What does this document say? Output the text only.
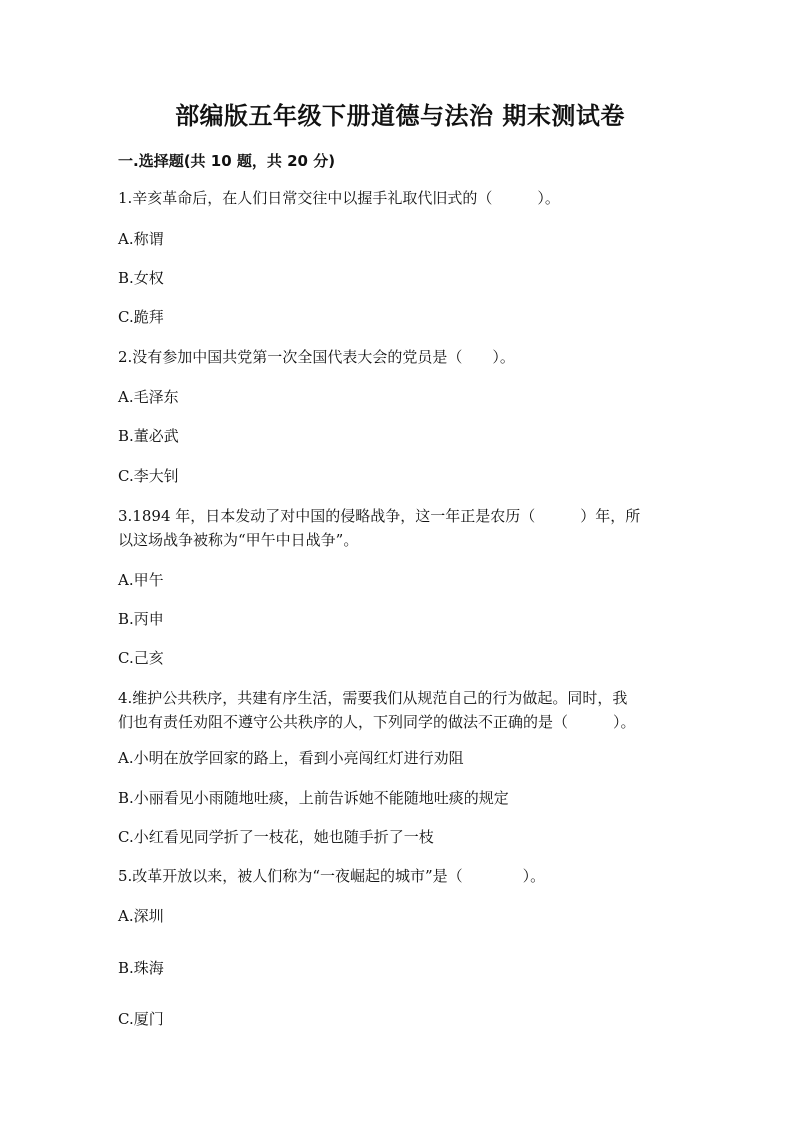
部编版五年级下册道德与法治 期末测试卷
一.选择题(共 10 题，共 20 分)
1.辛亥革命后，在人们日常交往中以握手礼取代旧式的（　　　）。
A.称谓
B.女权
C.跪拜
2.没有参加中国共党第一次全国代表大会的党员是（　　）。
A.毛泽东
B.董必武
C.李大钊
3.1894 年，日本发动了对中国的侵略战争，这一年正是农历（　　　）年，所
以这场战争被称为“甲午中日战争”。
A.甲午
B.丙申
C.己亥
4.维护公共秩序，共建有序生活，需要我们从规范自己的行为做起。同时，我
们也有责任劝阻不遵守公共秩序的人，下列同学的做法不正确的是（　　　）。
A.小明在放学回家的路上，看到小亮闯红灯进行劝阻
B.小丽看见小雨随地吐痰，上前告诉她不能随地吐痰的规定
C.小红看见同学折了一枝花，她也随手折了一枝
5.改革开放以来，被人们称为“一夜崛起的城市”是（　　　　）。
A.深圳
B.珠海
C.厦门
